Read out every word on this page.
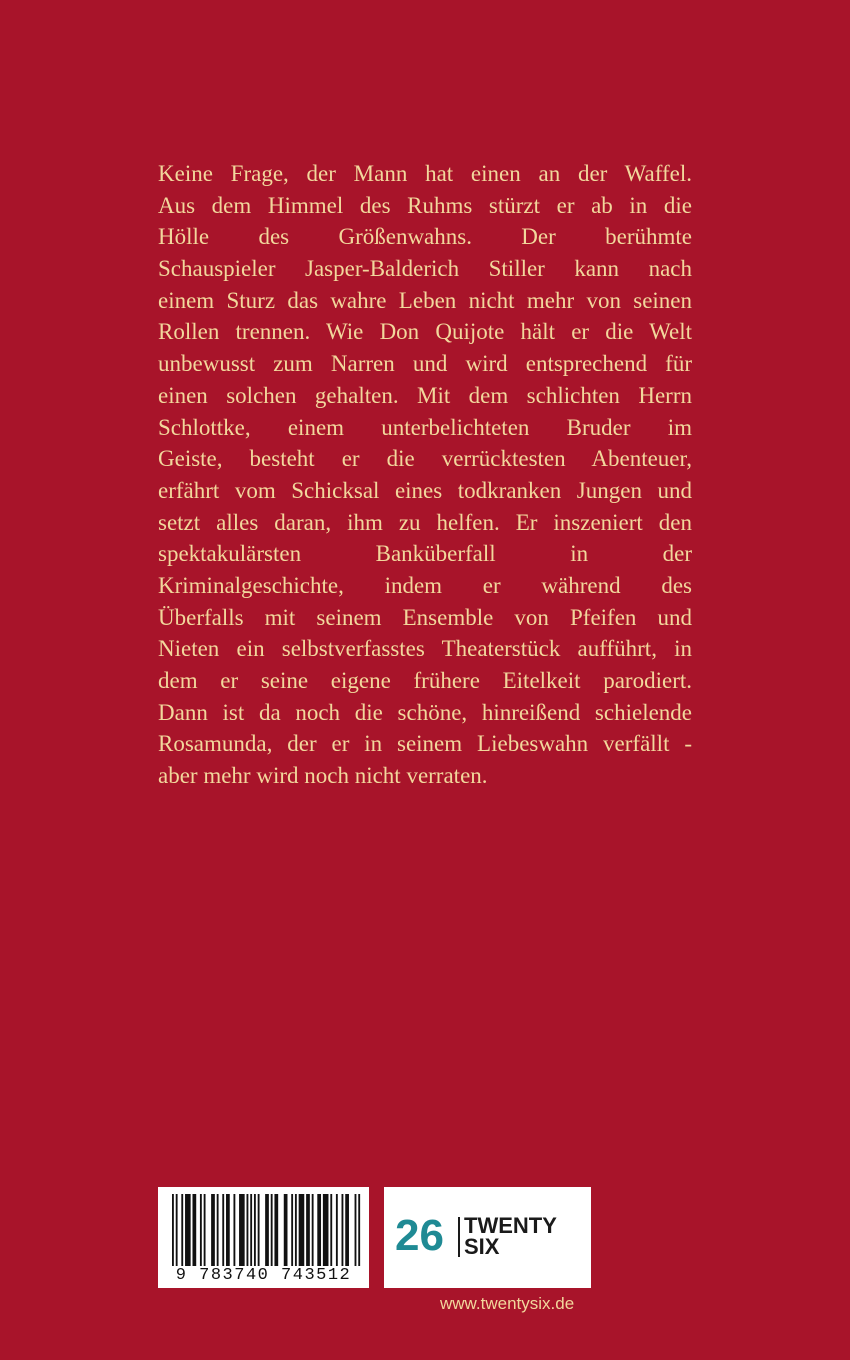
Keine Frage, der Mann hat einen an der Waffel.
Aus dem Himmel des Ruhms stürzt er ab in die
Hölle des Größenwahns. Der berühmte
Schauspieler Jasper-Balderich Stiller kann nach
einem Sturz das wahre Leben nicht mehr von seinen
Rollen trennen. Wie Don Quijote hält er die Welt
unbewusst zum Narren und wird entsprechend für
einen solchen gehalten. Mit dem schlichten Herrn
Schlottke, einem unterbelichteten Bruder im
Geiste, besteht er die verrücktesten Abenteuer,
erfährt vom Schicksal eines todkranken Jungen und
setzt alles daran, ihm zu helfen. Er inszeniert den
spektakulärsten Banküberfall in der
Kriminalgeschichte, indem er während des
Überfalls mit seinem Ensemble von Pfeifen und
Nieten ein selbstverfasstes Theaterstück aufführt, in
dem er seine eigene frühere Eitelkeit parodiert.
Dann ist da noch die schöne, hinreißend schielende
Rosamunda, der er in seinem Liebeswahn verfällt -
aber mehr wird noch nicht verraten.
9 783740 743512
26 TWENTY
SIX
www.twentysix.de
